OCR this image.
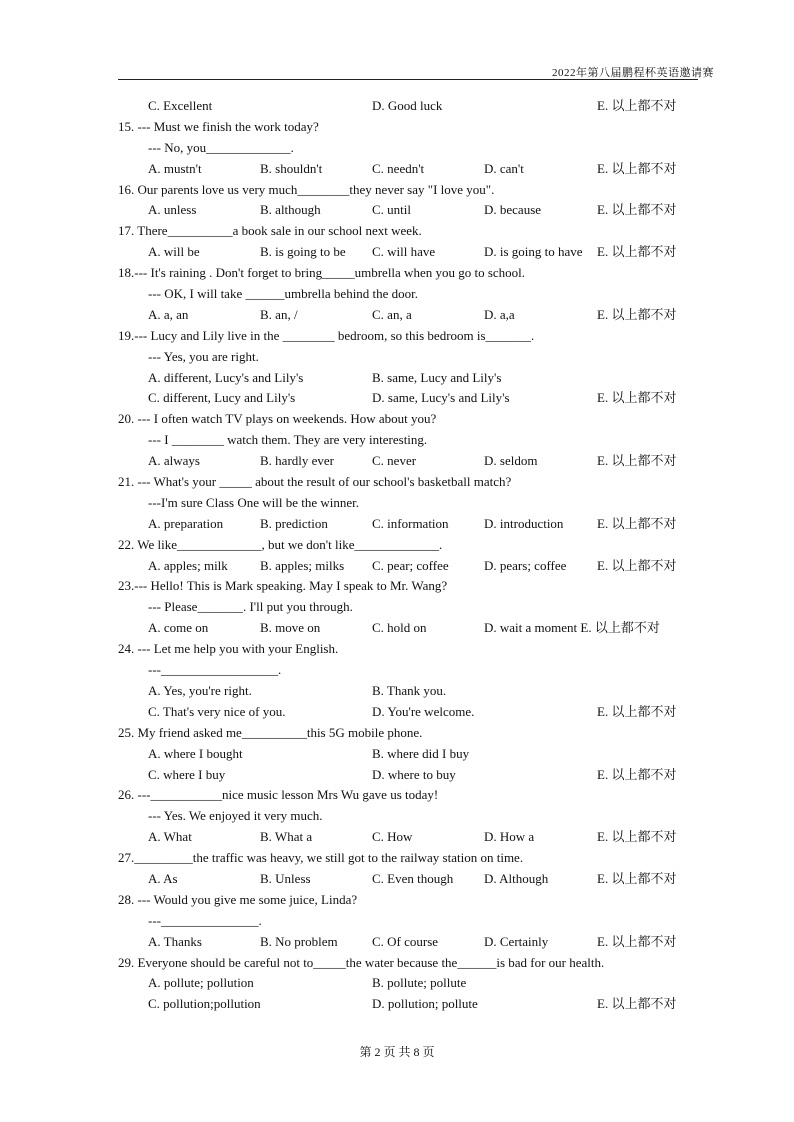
2022年第八届鹏程杯英语邀请赛
C. Excellent	D. Good luck	E. 以上都不对
15. --- Must we finish the work today?
--- No, you_____________.
A. mustn't	B. shouldn't	C. needn't	D. can't	E. 以上都不对
16. Our parents love us very much________they never say "I love you".
A. unless	B. although	C. until	D. because	E. 以上都不对
17. There__________a book sale in our school next week.
A. will be	B. is going to be C. will have	D. is going to have E. 以上都不对
18.--- It's raining . Don't forget to bring_____umbrella when you go to school.
--- OK, I will take ______umbrella behind the door.
A. a, an	B. an, /	C. an, a	D. a,a	E. 以上都不对
19.--- Lucy and Lily live in the ________ bedroom, so this bedroom is_______.
--- Yes, you are right.
A. different, Lucy's and Lily's	B. same, Lucy and Lily's
C. different, Lucy and Lily's	D. same, Lucy's and Lily's	E. 以上都不对
20. --- I often watch TV plays on weekends. How about you?
--- I ________ watch them. They are very interesting.
A. always	B. hardly ever	C. never	D. seldom	E. 以上都不对
21. --- What's your _____ about the result of our school's basketball match?
---I'm sure Class One will be the winner.
A. preparation	B. prediction	C. information	D. introduction	E. 以上都不对
22. We like_____________, but we don't like_____________.
A. apples; milk B. apples; milks C. pear; coffee	D. pears; coffee E. 以上都不对
23.--- Hello! This is Mark speaking. May I speak to Mr. Wang?
--- Please_______. I'll put you through.
A. come on	B. move on	C. hold on	D. wait a moment E. 以上都不对
24. --- Let me help you with your English.
---__________________.
A. Yes, you're right.	B. Thank you.
C. That's very nice of you.	D. You're welcome.	E. 以上都不对
25. My friend asked me__________this 5G mobile phone.
A. where I bought	B. where did I buy
C. where I buy	D. where to buy	E. 以上都不对
26. ---___________nice music lesson Mrs Wu gave us today!
--- Yes. We enjoyed it very much.
A. What	B. What a	C. How	D. How a	E. 以上都不对
27._________the traffic was heavy, we still got to the railway station on time.
A. As	B. Unless	C. Even though D. Although	E. 以上都不对
28. --- Would you give me some juice, Linda?
---_______________.
A. Thanks	B. No problem	C. Of course	D. Certainly	E. 以上都不对
29. Everyone should be careful not to_____the water because the______is bad for our health.
A. pollute; pollution	B. pollute; pollute
C. pollution;pollution	D. pollution; pollute	E. 以上都不对
第 2 页 共 8 页
